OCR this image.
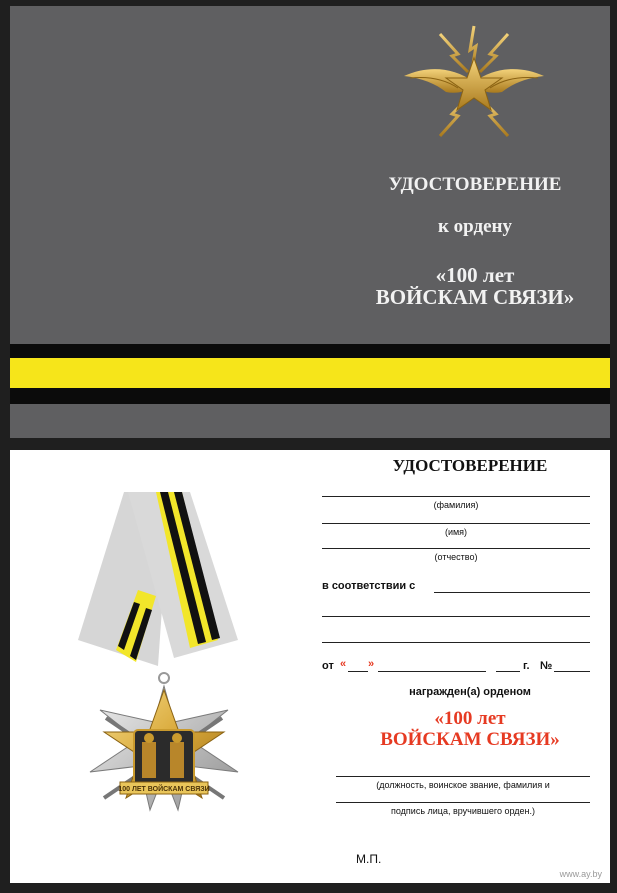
УДОСТОВЕРЕНИЕ
к ордену
«100 лет
ВОЙСКАМ СВЯЗИ»
100 ЛЕТ ВОЙСКАМ СВЯЗИ
УДОСТОВЕРЕНИЕ
(фамилия)
(имя)
(отчество)
в соответствии с
от « »	г. №
награжден(а) орденом
«100 лет
ВОЙСКАМ СВЯЗИ»
(должность, воинское звание, фамилия и
подпись лица, вручившего орден.)
М.П.
www.ay.by
